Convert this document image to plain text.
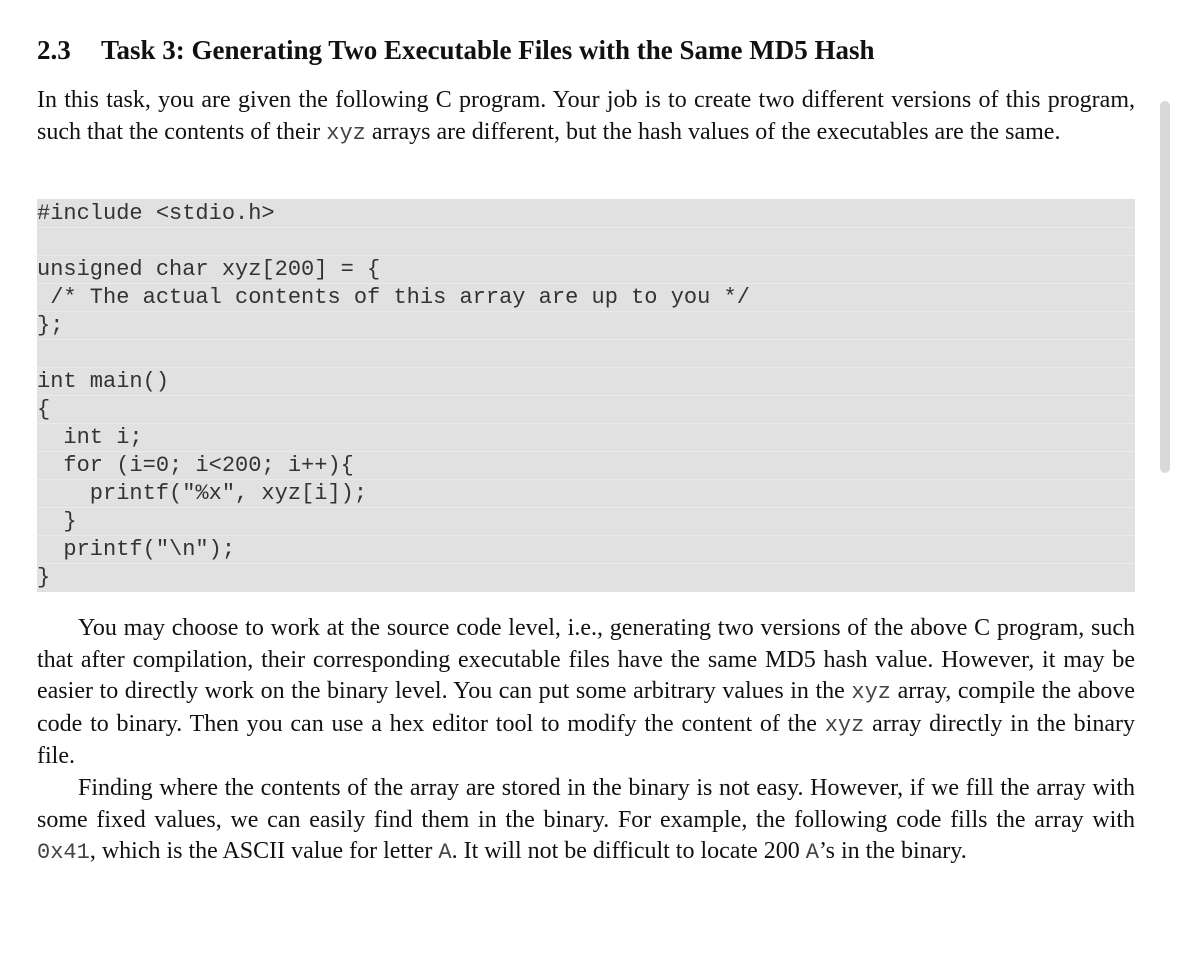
2.3 Task 3: Generating Two Executable Files with the Same MD5 Hash

In this task, you are given the following C program. Your job is to create two different versions of this program, such that the contents of their xyz arrays are different, but the hash values of the executables are the same.

#include <stdio.h>
unsigned char xyz[200] = {
/* The actual contents of this array are up to you */
};
int main()
{
int i;
for (i=0; i<200; i++){
printf("%x", xyz[i]);
}
printf("\n");
}

You may choose to work at the source code level, i.e., generating two versions of the above C program, such that after compilation, their corresponding executable files have the same MD5 hash value. However, it may be easier to directly work on the binary level. You can put some arbitrary values in the xyz array, compile the above code to binary. Then you can use a hex editor tool to modify the content of the xyz array directly in the binary file.

Finding where the contents of the array are stored in the binary is not easy. However, if we fill the array with some fixed values, we can easily find them in the binary. For example, the following code fills the array with 0x41, which is the ASCII value for letter A. It will not be difficult to locate 200 A’s in the binary.
